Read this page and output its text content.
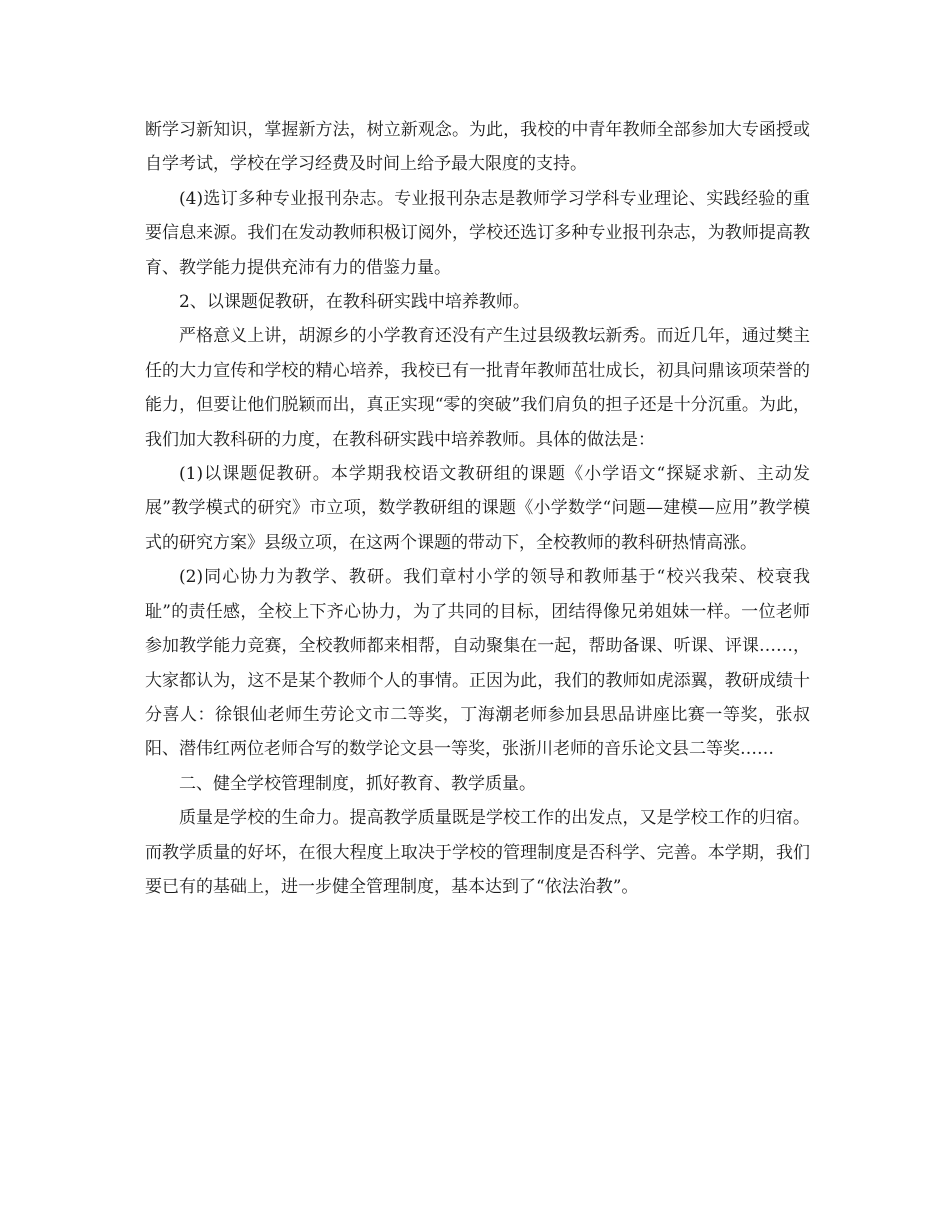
断学习新知识，掌握新方法，树立新观念。为此，我校的中青年教师全部参加大专函授或自学考试，学校在学习经费及时间上给予最大限度的支持。

(4)选订多种专业报刊杂志。专业报刊杂志是教师学习学科专业理论、实践经验的重要信息来源。我们在发动教师积极订阅外，学校还选订多种专业报刊杂志，为教师提高教育、教学能力提供充沛有力的借鉴力量。

2、以课题促教研，在教科研实践中培养教师。

严格意义上讲，胡源乡的小学教育还没有产生过县级教坛新秀。而近几年，通过樊主任的大力宣传和学校的精心培养，我校已有一批青年教师茁壮成长，初具问鼎该项荣誉的能力，但要让他们脱颖而出，真正实现“零的突破”我们肩负的担子还是十分沉重。为此，我们加大教科研的力度，在教科研实践中培养教师。具体的做法是：

(1)以课题促教研。本学期我校语文教研组的课题《小学语文“探疑求新、主动发展”教学模式的研究》市立项，数学教研组的课题《小学数学“问题—建模—应用”教学模式的研究方案》县级立项，在这两个课题的带动下，全校教师的教科研热情高涨。

(2)同心协力为教学、教研。我们章村小学的领导和教师基于“校兴我荣、校衰我耻”的责任感，全校上下齐心协力，为了共同的目标，团结得像兄弟姐妹一样。一位老师参加教学能力竞赛，全校教师都来相帮，自动聚集在一起，帮助备课、听课、评课……，大家都认为，这不是某个教师个人的事情。正因为此，我们的教师如虎添翼，教研成绩十分喜人：徐银仙老师生劳论文市二等奖，丁海潮老师参加县思品讲座比赛一等奖，张叔阳、潜伟红两位老师合写的数学论文县一等奖，张浙川老师的音乐论文县二等奖……

二、健全学校管理制度，抓好教育、教学质量。

质量是学校的生命力。提高教学质量既是学校工作的出发点，又是学校工作的归宿。而教学质量的好坏，在很大程度上取决于学校的管理制度是否科学、完善。本学期，我们要已有的基础上，进一步健全管理制度，基本达到了“依法治教”。
